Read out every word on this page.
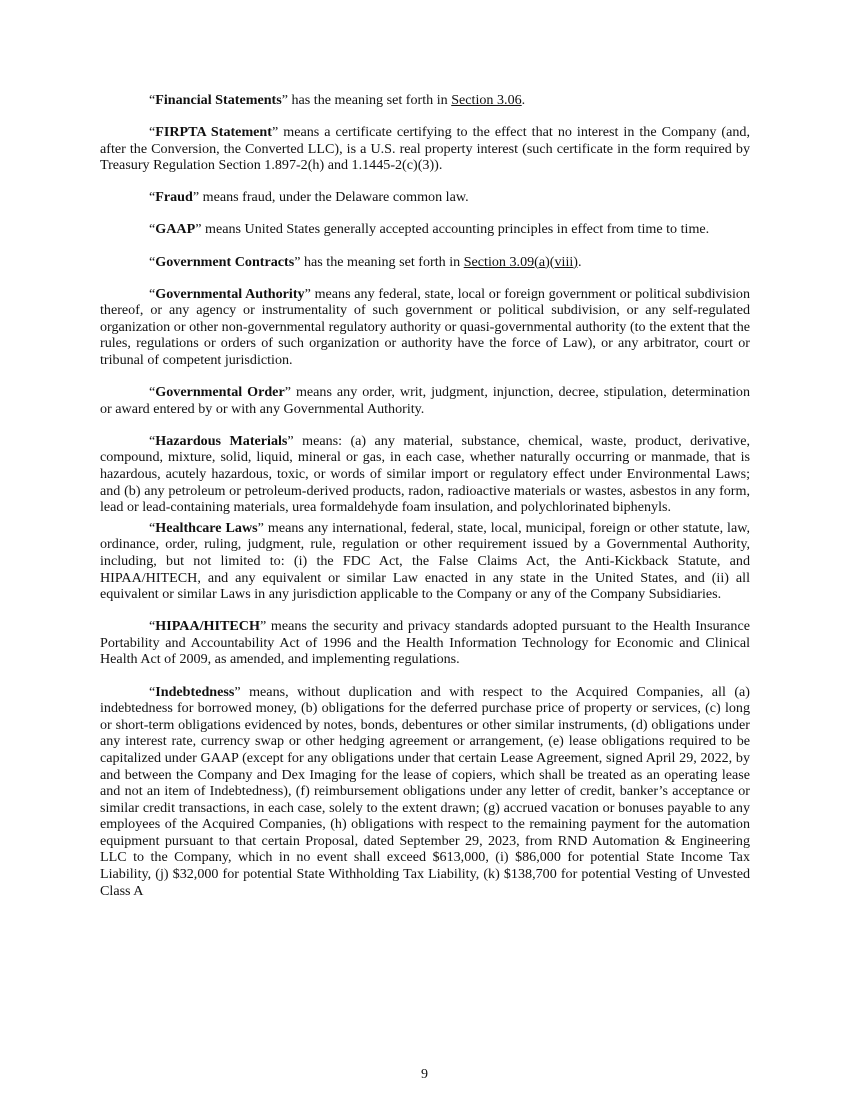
“Financial Statements” has the meaning set forth in Section 3.06.

“FIRPTA Statement” means a certificate certifying to the effect that no interest in the Company (and, after the Conversion, the Converted LLC), is a U.S. real property interest (such certificate in the form required by Treasury Regulation Section 1.897-2(h) and 1.1445-2(c)(3)).

“Fraud” means fraud, under the Delaware common law.

“GAAP” means United States generally accepted accounting principles in effect from time to time.

“Government Contracts” has the meaning set forth in Section 3.09(a)(viii).

“Governmental Authority” means any federal, state, local or foreign government or political subdivision thereof, or any agency or instrumentality of such government or political subdivision, or any self-regulated organization or other non-governmental regulatory authority or quasi-governmental authority (to the extent that the rules, regulations or orders of such organization or authority have the force of Law), or any arbitrator, court or tribunal of competent jurisdiction.

“Governmental Order” means any order, writ, judgment, injunction, decree, stipulation, determination or award entered by or with any Governmental Authority.

“Hazardous Materials” means: (a) any material, substance, chemical, waste, product, derivative, compound, mixture, solid, liquid, mineral or gas, in each case, whether naturally occurring or manmade, that is hazardous, acutely hazardous, toxic, or words of similar import or regulatory effect under Environmental Laws; and (b) any petroleum or petroleum-derived products, radon, radioactive materials or wastes, asbestos in any form, lead or lead-containing materials, urea formaldehyde foam insulation, and polychlorinated biphenyls.

“Healthcare Laws” means any international, federal, state, local, municipal, foreign or other statute, law, ordinance, order, ruling, judgment, rule, regulation or other requirement issued by a Governmental Authority, including, but not limited to: (i) the FDC Act, the False Claims Act, the Anti-Kickback Statute, and HIPAA/HITECH, and any equivalent or similar Law enacted in any state in the United States, and (ii) all equivalent or similar Laws in any jurisdiction applicable to the Company or any of the Company Subsidiaries.

“HIPAA/HITECH” means the security and privacy standards adopted pursuant to the Health Insurance Portability and Accountability Act of 1996 and the Health Information Technology for Economic and Clinical Health Act of 2009, as amended, and implementing regulations.

“Indebtedness” means, without duplication and with respect to the Acquired Companies, all (a) indebtedness for borrowed money, (b) obligations for the deferred purchase price of property or services, (c) long or short-term obligations evidenced by notes, bonds, debentures or other similar instruments, (d) obligations under any interest rate, currency swap or other hedging agreement or arrangement, (e) lease obligations required to be capitalized under GAAP (except for any obligations under that certain Lease Agreement, signed April 29, 2022, by and between the Company and Dex Imaging for the lease of copiers, which shall be treated as an operating lease and not an item of Indebtedness), (f) reimbursement obligations under any letter of credit, banker’s acceptance or similar credit transactions, in each case, solely to the extent drawn; (g) accrued vacation or bonuses payable to any employees of the Acquired Companies, (h) obligations with respect to the remaining payment for the automation equipment pursuant to that certain Proposal, dated September 29, 2023, from RND Automation & Engineering LLC to the Company, which in no event shall exceed $613,000, (i) $86,000 for potential State Income Tax Liability, (j) $32,000 for potential State Withholding Tax Liability, (k) $138,700 for potential Vesting of Unvested Class A

9
